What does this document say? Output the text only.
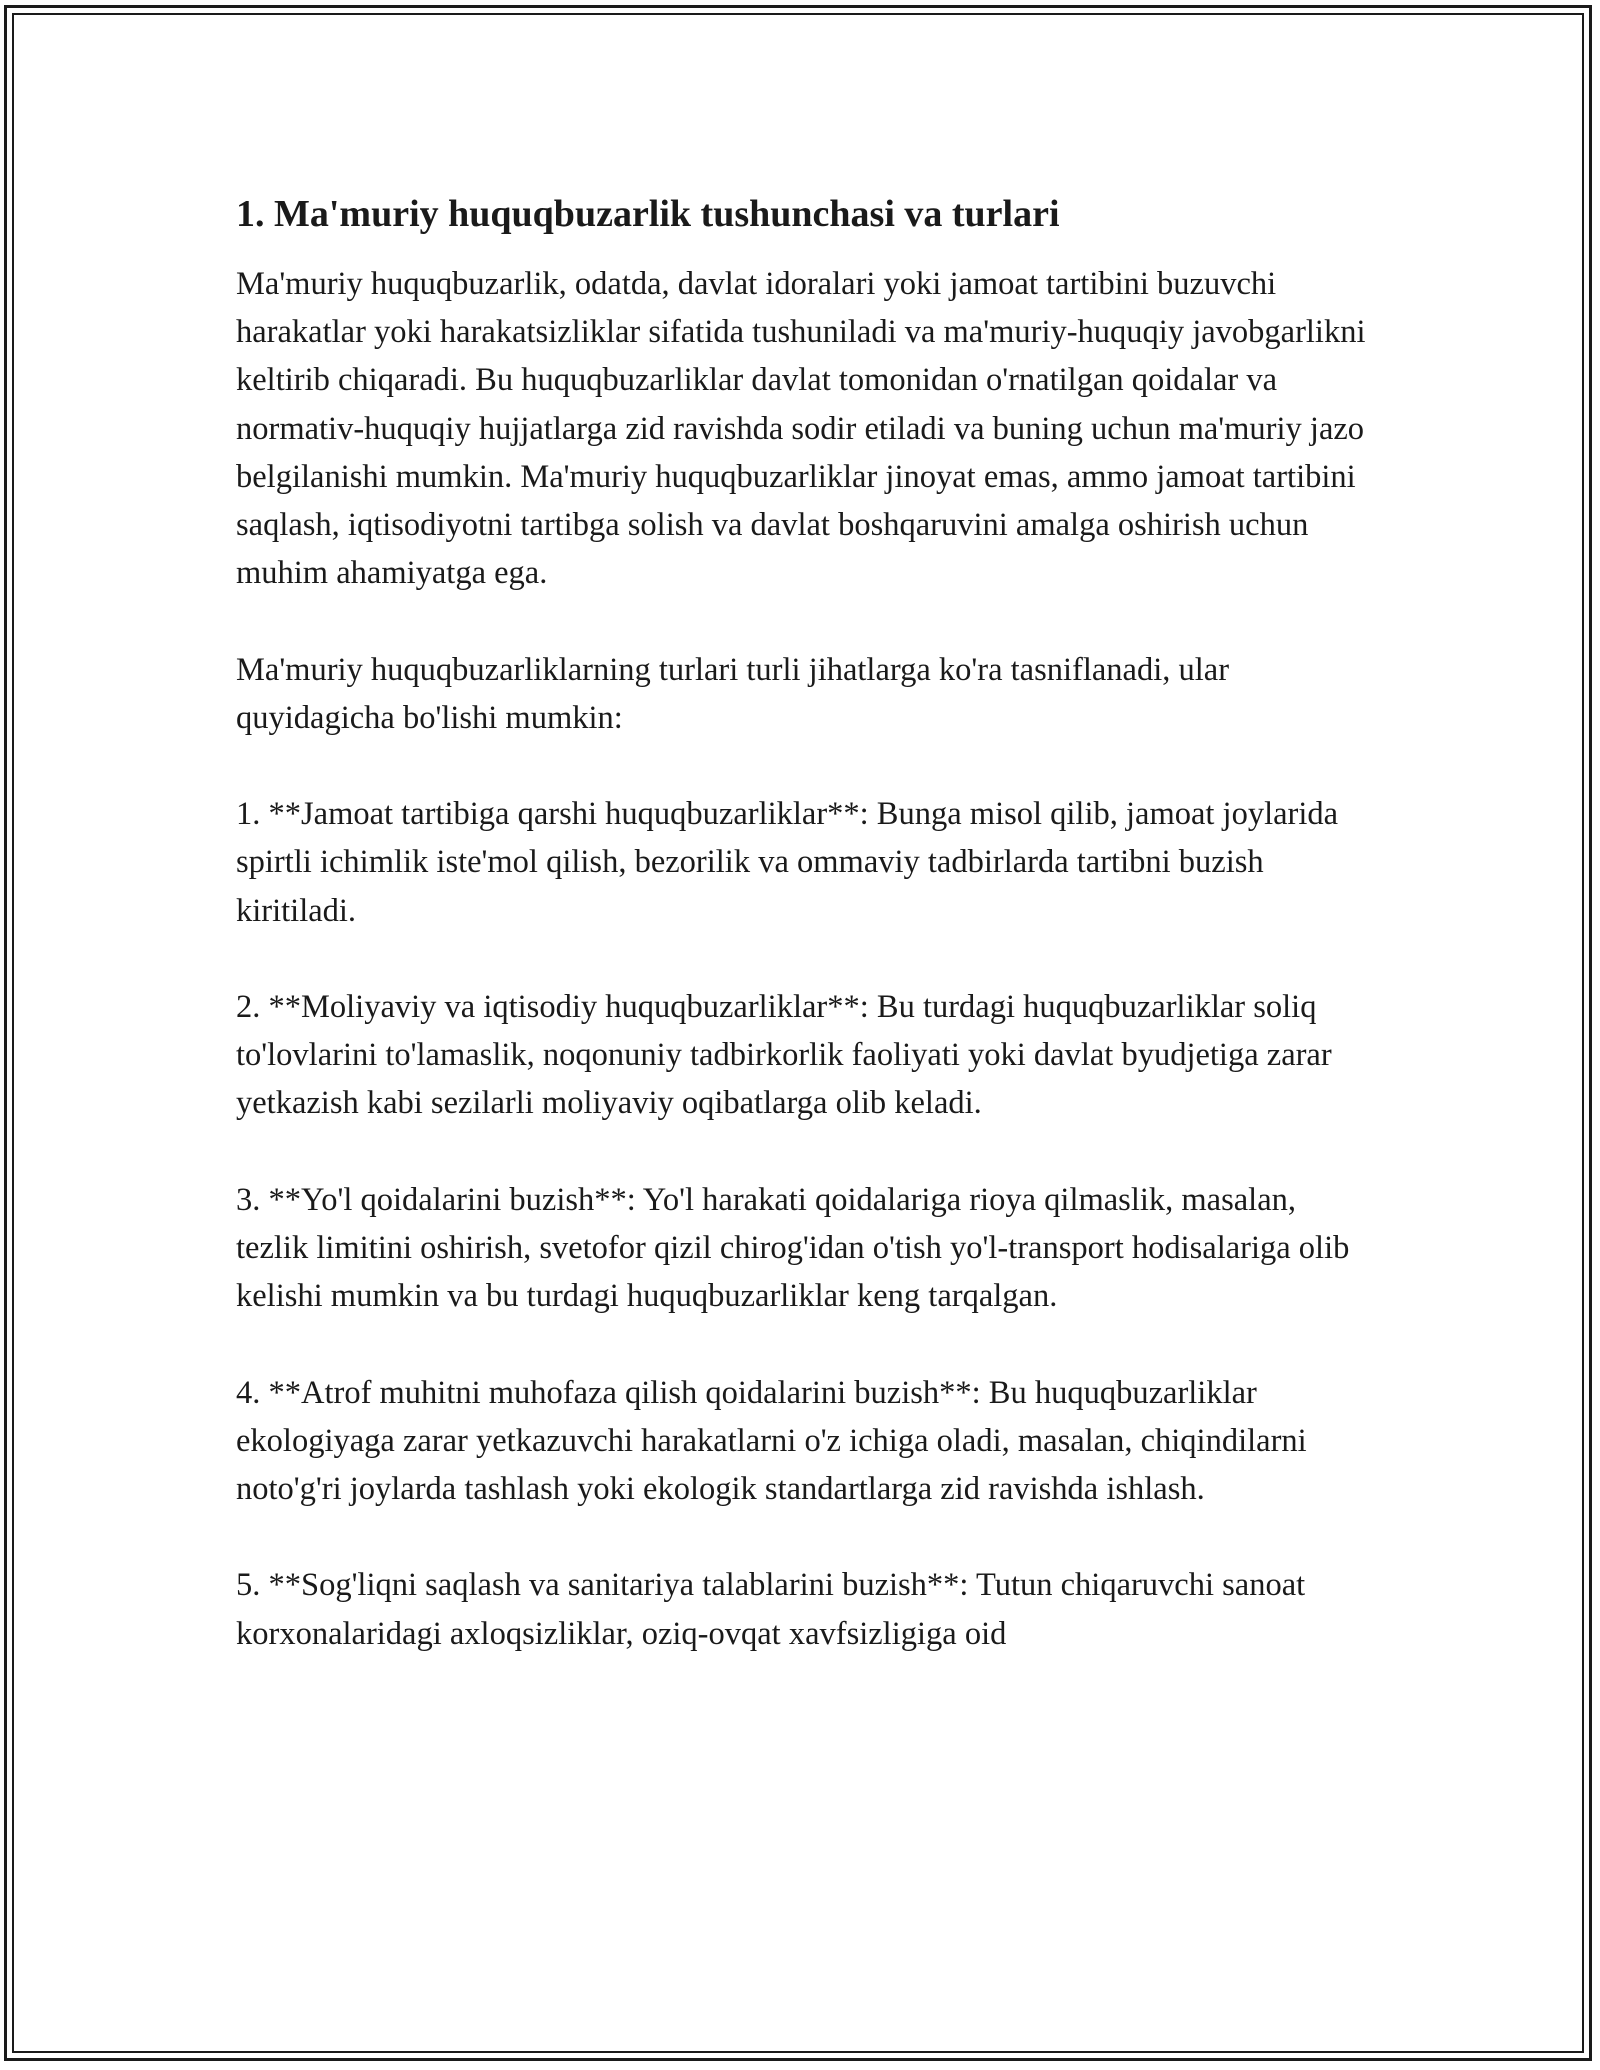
1. Ma'muriy huquqbuzarlik tushunchasi va turlari

Ma'muriy huquqbuzarlik, odatda, davlat idoralari yoki jamoat tartibini buzuvchi harakatlar yoki harakatsizliklar sifatida tushuniladi va ma'muriy-huquqiy javobgarlikni keltirib chiqaradi. Bu huquqbuzarliklar davlat tomonidan o'rnatilgan qoidalar va normativ-huquqiy hujjatlarga zid ravishda sodir etiladi va buning uchun ma'muriy jazo belgilanishi mumkin. Ma'muriy huquqbuzarliklar jinoyat emas, ammo jamoat tartibini saqlash, iqtisodiyotni tartibga solish va davlat boshqaruvini amalga oshirish uchun muhim ahamiyatga ega.

Ma'muriy huquqbuzarliklarning turlari turli jihatlarga ko'ra tasniflanadi, ular quyidagicha bo'lishi mumkin:

1. **Jamoat tartibiga qarshi huquqbuzarliklar**: Bunga misol qilib, jamoat joylarida spirtli ichimlik iste'mol qilish, bezorilik va ommaviy tadbirlarda tartibni buzish kiritiladi.

2. **Moliyaviy va iqtisodiy huquqbuzarliklar**: Bu turdagi huquqbuzarliklar soliq to'lovlarini to'lamaslik, noqonuniy tadbirkorlik faoliyati yoki davlat byudjetiga zarar yetkazish kabi sezilarli moliyaviy oqibatlarga olib keladi.

3. **Yo'l qoidalarini buzish**: Yo'l harakati qoidalariga rioya qilmaslik, masalan, tezlik limitini oshirish, svetofor qizil chirog'idan o'tish yo'l-transport hodisalariga olib kelishi mumkin va bu turdagi huquqbuzarliklar keng tarqalgan.

4. **Atrof muhitni muhofaza qilish qoidalarini buzish**: Bu huquqbuzarliklar ekologiyaga zarar yetkazuvchi harakatlarni o'z ichiga oladi, masalan, chiqindilarni noto'g'ri joylarda tashlash yoki ekologik standartlarga zid ravishda ishlash.

5. **Sog'liqni saqlash va sanitariya talablarini buzish**: Tutun chiqaruvchi sanoat korxonalaridagi axloqsizliklar, oziq-ovqat xavfsizligiga oid
